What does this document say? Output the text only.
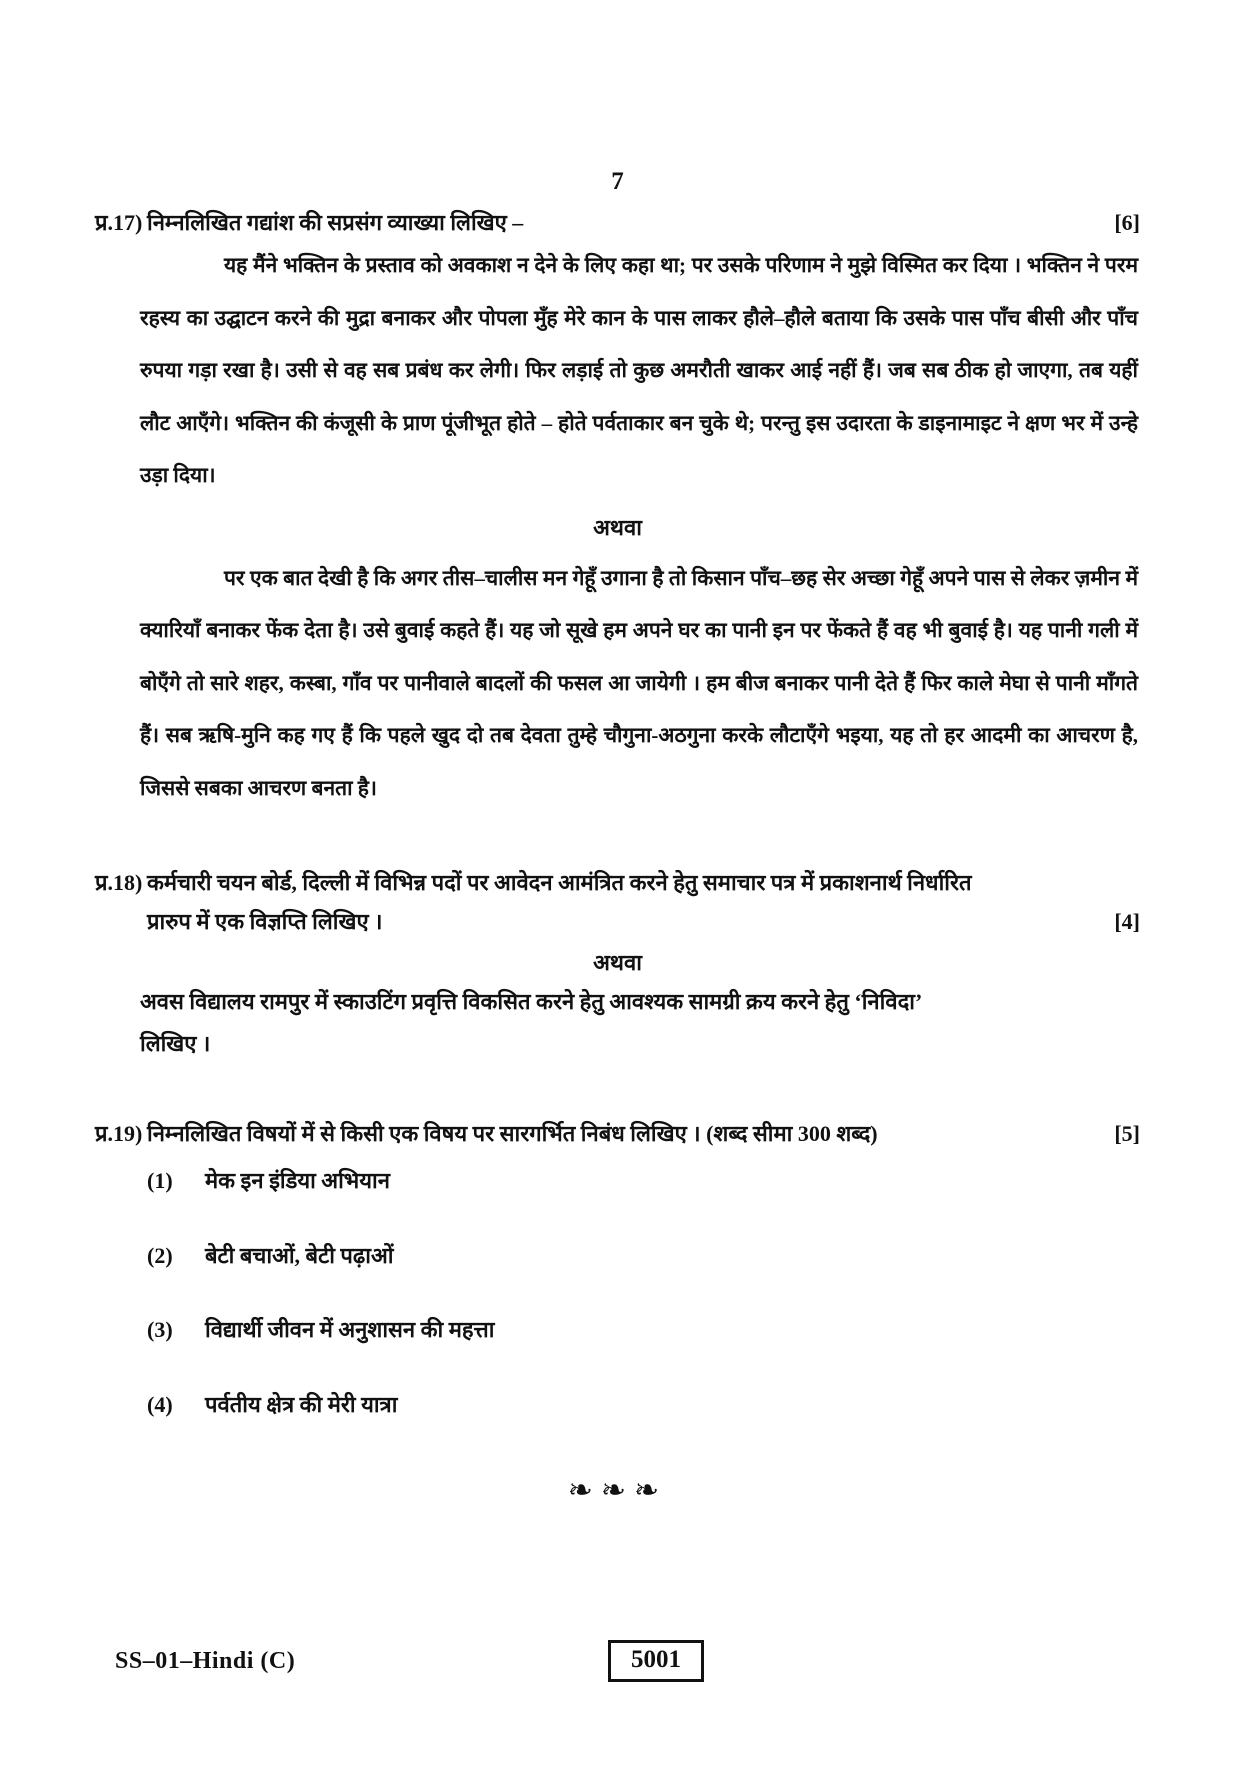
7
प्र.17) निम्नलिखित गद्यांश की सप्रसंग व्याख्या लिखिए –	[6]
यह मैंने भक्तिन के प्रस्ताव को अवकाश न देने के लिए कहा था; पर उसके परिणाम ने मुझे विस्मित कर दिया । भक्तिन ने परम रहस्य का उद्घाटन करने की मुद्रा बनाकर और पोपला मुँह मेरे कान के पास लाकर हौले–हौले बताया कि उसके पास पाँच बीसी और पाँच रुपया गड़ा रखा है। उसी से वह सब प्रबंध कर लेगी। फिर लड़ाई तो कुछ अमरौती खाकर आई नहीं हैं। जब सब ठीक हो जाएगा, तब यहीं लौट आएँगे। भक्तिन की कंजूसी के प्राण पूंजीभूत होते – होते पर्वताकार बन चुके थे; परन्तु इस उदारता के डाइनामाइट ने क्षण भर में उन्हे उड़ा दिया।
अथवा
पर एक बात देखी है कि अगर तीस–चालीस मन गेहूँ उगाना है तो किसान पाँच–छह सेर अच्छा गेहूँ अपने पास से लेकर ज़मीन में क्यारियाँ बनाकर फेंक देता है। उसे बुवाई कहते हैं। यह जो सूखे हम अपने घर का पानी इन पर फेंकते हैं वह भी बुवाई है। यह पानी गली में बोएँगे तो सारे शहर, कस्बा, गाँव पर पानीवाले बादलों की फसल आ जायेगी । हम बीज बनाकर पानी देते हैं फिर काले मेघा से पानी माँगते हैं। सब ऋषि-मुनि कह गए हैं कि पहले खुद दो तब देवता तुम्हे चौगुना-अठगुना करके लौटाएँगे भइया, यह तो हर आदमी का आचरण है, जिससे सबका आचरण बनता है।
प्र.18) कर्मचारी चयन बोर्ड, दिल्ली में विभिन्न पदों पर आवेदन आमंत्रित करने हेतु समाचार पत्र में प्रकाशनार्थ निर्धारित
प्रारुप में एक विज्ञप्ति लिखिए ।	[4]
अथवा
अवस विद्यालय रामपुर में स्काउटिंग प्रवृत्ति विकसित करने हेतु आवश्यक सामग्री क्रय करने हेतु ‘निविदा’
लिखिए ।
प्र.19) निम्नलिखित विषयों में से किसी एक विषय पर सारगर्भित निबंध लिखिए । (शब्द सीमा 300 शब्द)	[5]
(1)	मेक इन इंडिया अभियान
(2)	बेटी बचाओं, बेटी पढ़ाओं
(3)	विद्यार्थी जीवन में अनुशासन की महत्ता
(4)	पर्वतीय क्षेत्र की मेरी यात्रा
❧❧❧
SS–01–Hindi (C)	5001
